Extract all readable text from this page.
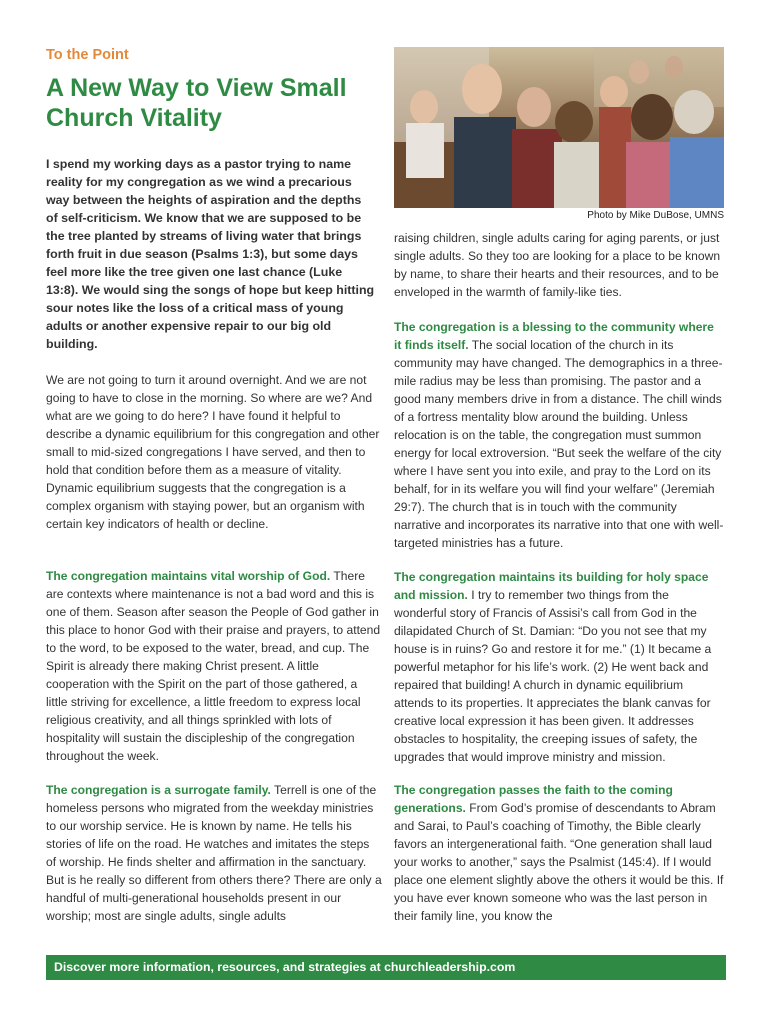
To the Point
A New Way to View Small Church Vitality

I spend my working days as a pastor trying to name reality for my congregation as we wind a precarious way between the heights of aspiration and the depths of self-criticism. We know that we are supposed to be the tree planted by streams of living water that brings forth fruit in due season (Psalms 1:3), but some days feel more like the tree given one last chance (Luke 13:8). We would sing the songs of hope but keep hitting sour notes like the loss of a critical mass of young adults or another expensive repair to our big old building.

We are not going to turn it around overnight. And we are not going to have to close in the morning. So where are we? And what are we going to do here? I have found it helpful to describe a dynamic equilibrium for this congregation and other small to mid-sized congregations I have served, and then to hold that condition before them as a measure of vitality. Dynamic equilibrium suggests that the congregation is a complex organism with staying power, but an organism with certain key indicators of health or decline.

The congregation maintains vital worship of God. There are contexts where maintenance is not a bad word and this is one of them. Season after season the People of God gather in this place to honor God with their praise and prayers, to attend to the word, to be exposed to the water, bread, and cup. The Spirit is already there making Christ present. A little cooperation with the Spirit on the part of those gathered, a little striving for excellence, a little freedom to express local religious creativity, and all things sprinkled with lots of hospitality will sustain the discipleship of the congregation throughout the week.

The congregation is a surrogate family. Terrell is one of the homeless persons who migrated from the weekday ministries to our worship service. He is known by name. He tells his stories of life on the road. He watches and imitates the steps of worship. He finds shelter and affirmation in the sanctuary. But is he really so different from others there? There are only a handful of multi-generational households present in our worship; most are single adults, single adults

Photo by Mike DuBose, UMNS

raising children, single adults caring for aging parents, or just single adults. So they too are looking for a place to be known by name, to share their hearts and their resources, and to be enveloped in the warmth of family-like ties.

The congregation is a blessing to the community where it finds itself. The social location of the church in its community may have changed. The demographics in a three-mile radius may be less than promising. The pastor and a good many members drive in from a distance. The chill winds of a fortress mentality blow around the building. Unless relocation is on the table, the congregation must summon energy for local extroversion. “But seek the welfare of the city where I have sent you into exile, and pray to the Lord on its behalf, for in its welfare you will find your welfare” (Jeremiah 29:7). The church that is in touch with the community narrative and incorporates its narrative into that one with well-targeted ministries has a future.

The congregation maintains its building for holy space and mission. I try to remember two things from the wonderful story of Francis of Assisi’s call from God in the dilapidated Church of St. Damian: “Do you not see that my house is in ruins? Go and restore it for me.” (1) It became a powerful metaphor for his life’s work. (2) He went back and repaired that building! A church in dynamic equilibrium attends to its properties. It appreciates the blank canvas for creative local expression it has been given. It addresses obstacles to hospitality, the creeping issues of safety, the upgrades that would improve ministry and mission.

The congregation passes the faith to the coming generations. From God’s promise of descendants to Abram and Sarai, to Paul’s coaching of Timothy, the Bible clearly favors an intergenerational faith. “One generation shall laud your works to another,” says the Psalmist (145:4). If I would place one element slightly above the others it would be this. If you have ever known someone who was the last person in their family line, you know the

Discover more information, resources, and strategies at churchleadership.com
